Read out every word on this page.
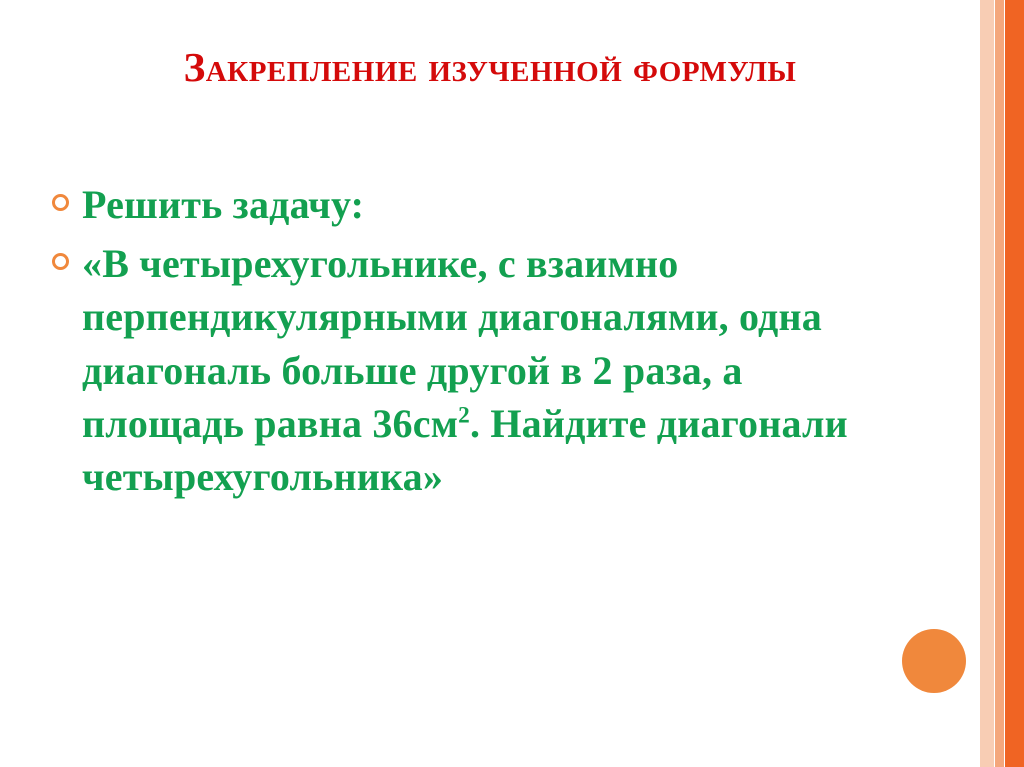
Закрепление изученной формулы
Решить задачу:
«В четырехугольнике, с взаимно перпендикулярными диагоналями, одна диагональ больше другой в 2 раза, а площадь равна $36см^2$. Найдите диагонали четырехугольника»
